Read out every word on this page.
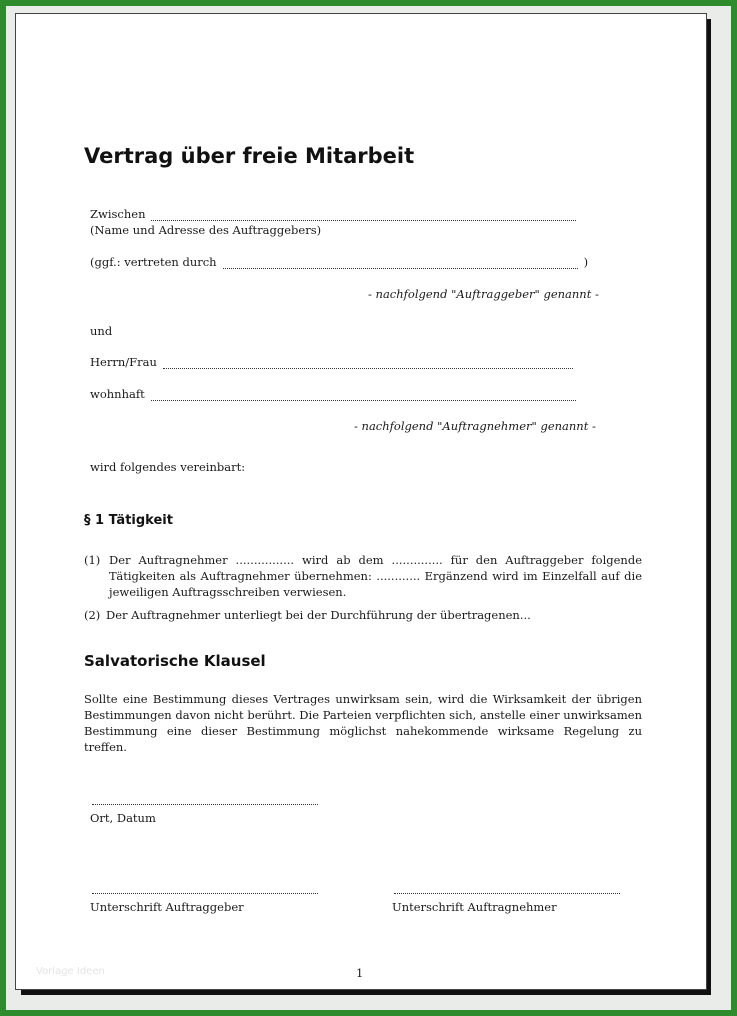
Vertrag über freie Mitarbeit
Zwischen
(Name und Adresse des Auftraggebers)
(ggf.: vertreten durch	)
- nachfolgend "Auftraggeber" genannt -
und
Herrn/Frau
wohnhaft
- nachfolgend "Auftragnehmer" genannt -
wird folgendes vereinbart:
§ 1 Tätigkeit
(1) Der Auftragnehmer ................ wird ab dem .............. für den Auftraggeber folgende Tätigkeiten als Auftragnehmer übernehmen: ............ Ergänzend wird im Einzelfall auf die jeweiligen Auftragsschreiben verwiesen.
(2) Der Auftragnehmer unterliegt bei der Durchführung der übertragenen...
Salvatorische Klausel
Sollte eine Bestimmung dieses Vertrages unwirksam sein, wird die Wirksamkeit der übrigen Bestimmungen davon nicht berührt. Die Parteien verpflichten sich, anstelle einer unwirksamen Bestimmung eine dieser Bestimmung möglichst nahekommende wirksame Regelung zu treffen.
Ort, Datum
Unterschrift Auftraggeber	Unterschrift Auftragnehmer
Vorlage Ideen	1
